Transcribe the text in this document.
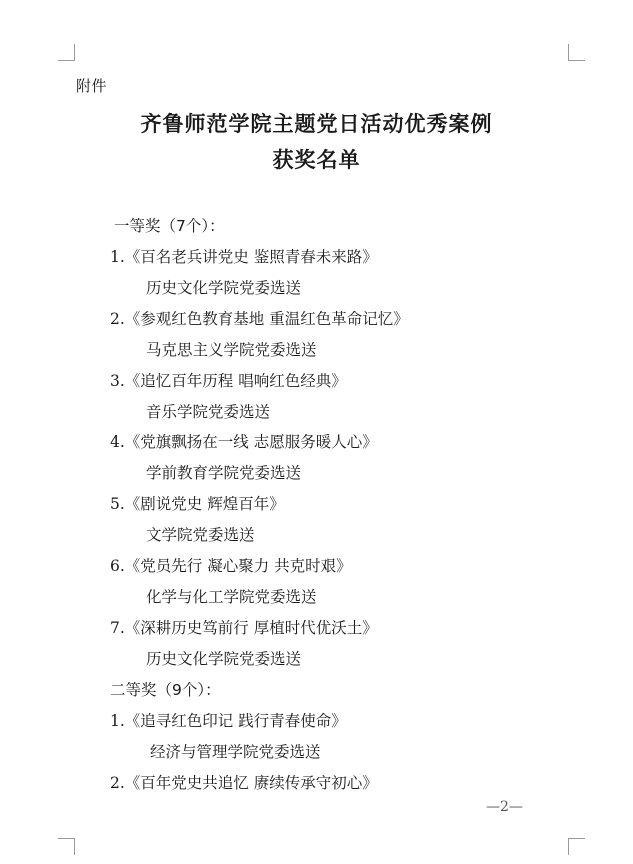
附件
齐鲁师范学院主题党日活动优秀案例
获奖名单
一等奖（7个）：
1.《百名老兵讲党史 鉴照青春未来路》
历史文化学院党委选送
2.《参观红色教育基地 重温红色革命记忆》
马克思主义学院党委选送
3.《追忆百年历程 唱响红色经典》
音乐学院党委选送
4.《党旗飘扬在一线 志愿服务暖人心》
学前教育学院党委选送
5.《剧说党史 辉煌百年》
文学院党委选送
6.《党员先行 凝心聚力 共克时艰》
化学与化工学院党委选送
7.《深耕历史笃前行 厚植时代优沃土》
历史文化学院党委选送
二等奖（9个）：
1.《追寻红色印记 践行青春使命》
经济与管理学院党委选送
2.《百年党史共追忆 赓续传承守初心》
—2—
